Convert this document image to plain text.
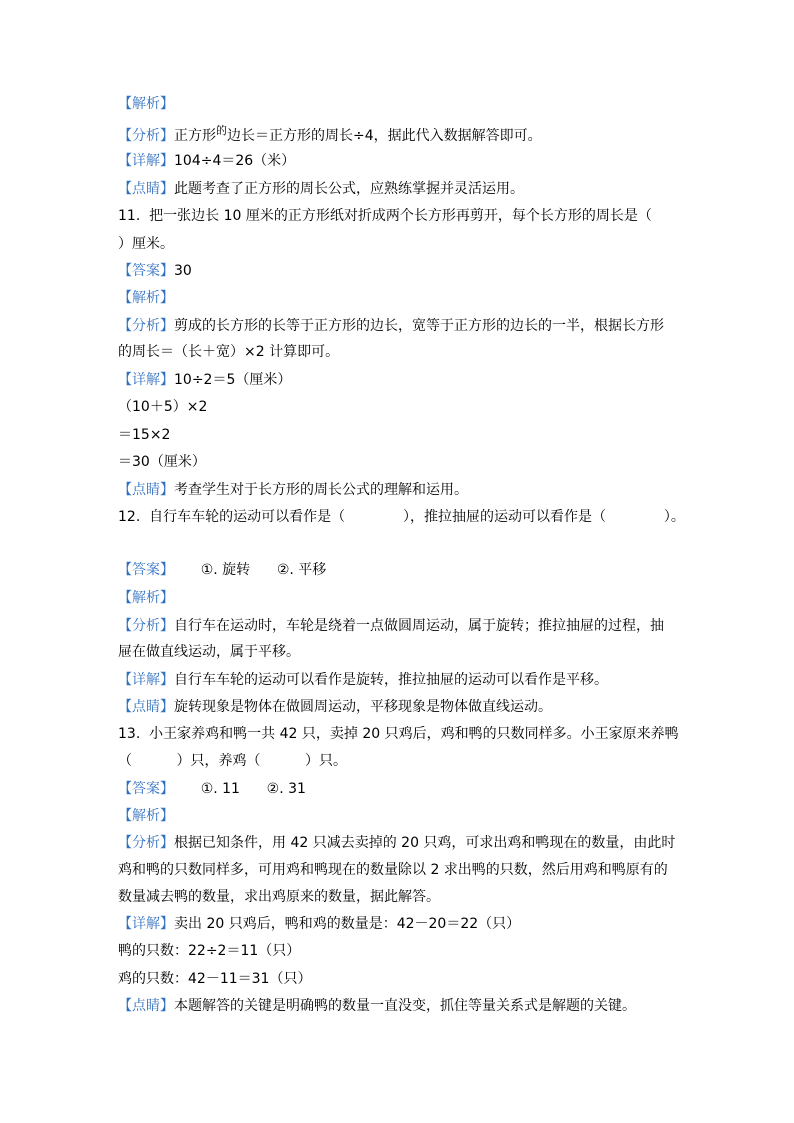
【解析】
【分析】正方形$^的$边长＝正方形的周长÷4，据此代入数据解答即可。
【详解】104÷4＝26（米）
【点睛】此题考查了正方形的周长公式，应熟练掌握并灵活运用。
11.  把一张边长 10 厘米的正方形纸对折成两个长方形再剪开，每个长方形的周长是（
）厘米。
【答案】30
【解析】
【分析】剪成的长方形的长等于正方形的边长，宽等于正方形的边长的一半，根据长方形
的周长＝（长＋宽）×2 计算即可。
【详解】10÷2＝5（厘米）
（10＋5）×2
＝15×2
＝30（厘米）
【点睛】考查学生对于长方形的周长公式的理解和运用。
12.  自行车车轮的运动可以看作是（             ），推拉抽屉的运动可以看作是（             ）。
【答案】      ①. 旋转      ②. 平移
【解析】
【分析】自行车在运动时，车轮是绕着一点做圆周运动，属于旋转；推拉抽屉的过程，抽
屉在做直线运动，属于平移。
【详解】自行车车轮的运动可以看作是旋转，推拉抽屉的运动可以看作是平移。
【点睛】旋转现象是物体在做圆周运动，平移现象是物体做直线运动。
13.  小王家养鸡和鸭一共 42 只，卖掉 20 只鸡后，鸡和鸭的只数同样多。小王家原来养鸭
（          ）只，养鸡（          ）只。
【答案】      ①. 11      ②. 31
【解析】
【分析】根据已知条件，用 42 只减去卖掉的 20 只鸡，可求出鸡和鸭现在的数量，由此时
鸡和鸭的只数同样多，可用鸡和鸭现在的数量除以 2 求出鸭的只数，然后用鸡和鸭原有的
数量减去鸭的数量，求出鸡原来的数量，据此解答。
【详解】卖出 20 只鸡后，鸭和鸡的数量是：42－20＝22（只）
鸭的只数：22÷2＝11（只）
鸡的只数：42－11＝31（只）
【点睛】本题解答的关键是明确鸭的数量一直没变，抓住等量关系式是解题的关键。
